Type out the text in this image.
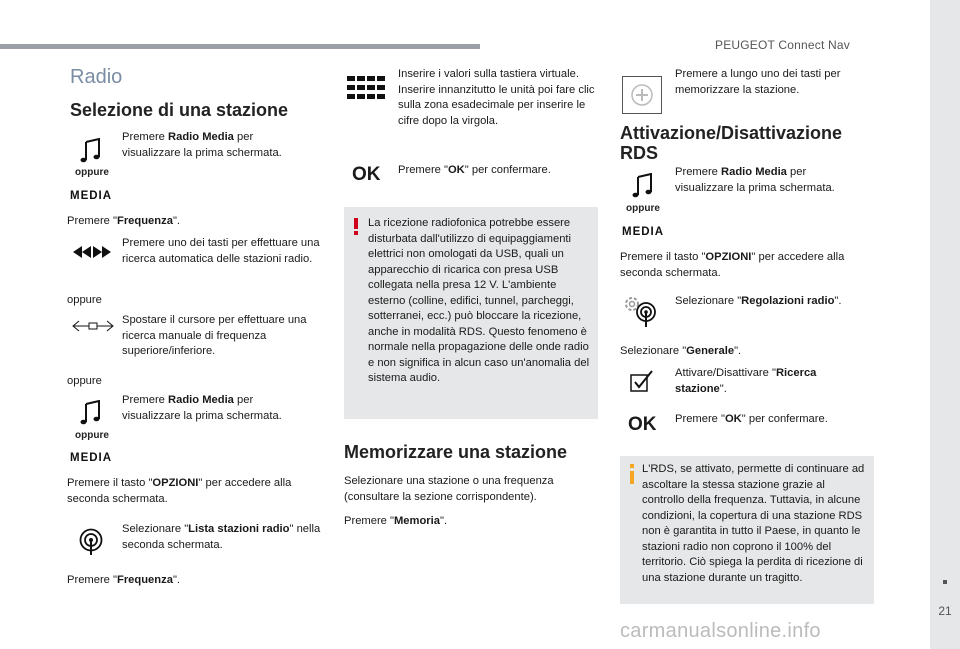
PEUGEOT Connect Nav
21
carmanualsonline.info
Radio
Selezione di una stazione
oppure
MEDIA
Premere Radio Media per visualizzare la prima schermata.
Premere "Frequenza".
Premere uno dei tasti per effettuare una ricerca automatica delle stazioni radio.
oppure
Spostare il cursore per effettuare una ricerca manuale di frequenza superiore/inferiore.
oppure
oppure
MEDIA
Premere Radio Media per visualizzare la prima schermata.
Premere il tasto "OPZIONI" per accedere alla seconda schermata.
Selezionare "Lista stazioni radio" nella seconda schermata.
Premere "Frequenza".
Inserire i valori sulla tastiera virtuale. Inserire innanzitutto le unità poi fare clic sulla zona esadecimale per inserire le cifre dopo la virgola.
OK Premere "OK" per confermare.
La ricezione radiofonica potrebbe essere disturbata dall'utilizzo di equipaggiamenti elettrici non omologati da USB, quali un apparecchio di ricarica con presa USB collegata nella presa 12 V. L'ambiente esterno (colline, edifici, tunnel, parcheggi, sotterranei, ecc.) può bloccare la ricezione, anche in modalità RDS. Questo fenomeno è normale nella propagazione delle onde radio e non significa in alcun caso un'anomalia del sistema audio.
Memorizzare una stazione
Selezionare una stazione o una frequenza (consultare la sezione corrispondente).
Premere "Memoria".
Premere a lungo uno dei tasti per memorizzare la stazione.
Attivazione/Disattivazione
RDS
oppure
MEDIA
Premere Radio Media per visualizzare la prima schermata.
Premere il tasto "OPZIONI" per accedere alla seconda schermata.
Selezionare "Regolazioni radio".
Selezionare "Generale".
Attivare/Disattivare "Ricerca stazione".
OK Premere "OK" per confermare.
L'RDS, se attivato, permette di continuare ad ascoltare la stessa stazione grazie al controllo della frequenza. Tuttavia, in alcune condizioni, la copertura di una stazione RDS non è garantita in tutto il Paese, in quanto le stazioni radio non coprono il 100% del territorio. Ciò spiega la perdita di ricezione di una stazione durante un tragitto.
